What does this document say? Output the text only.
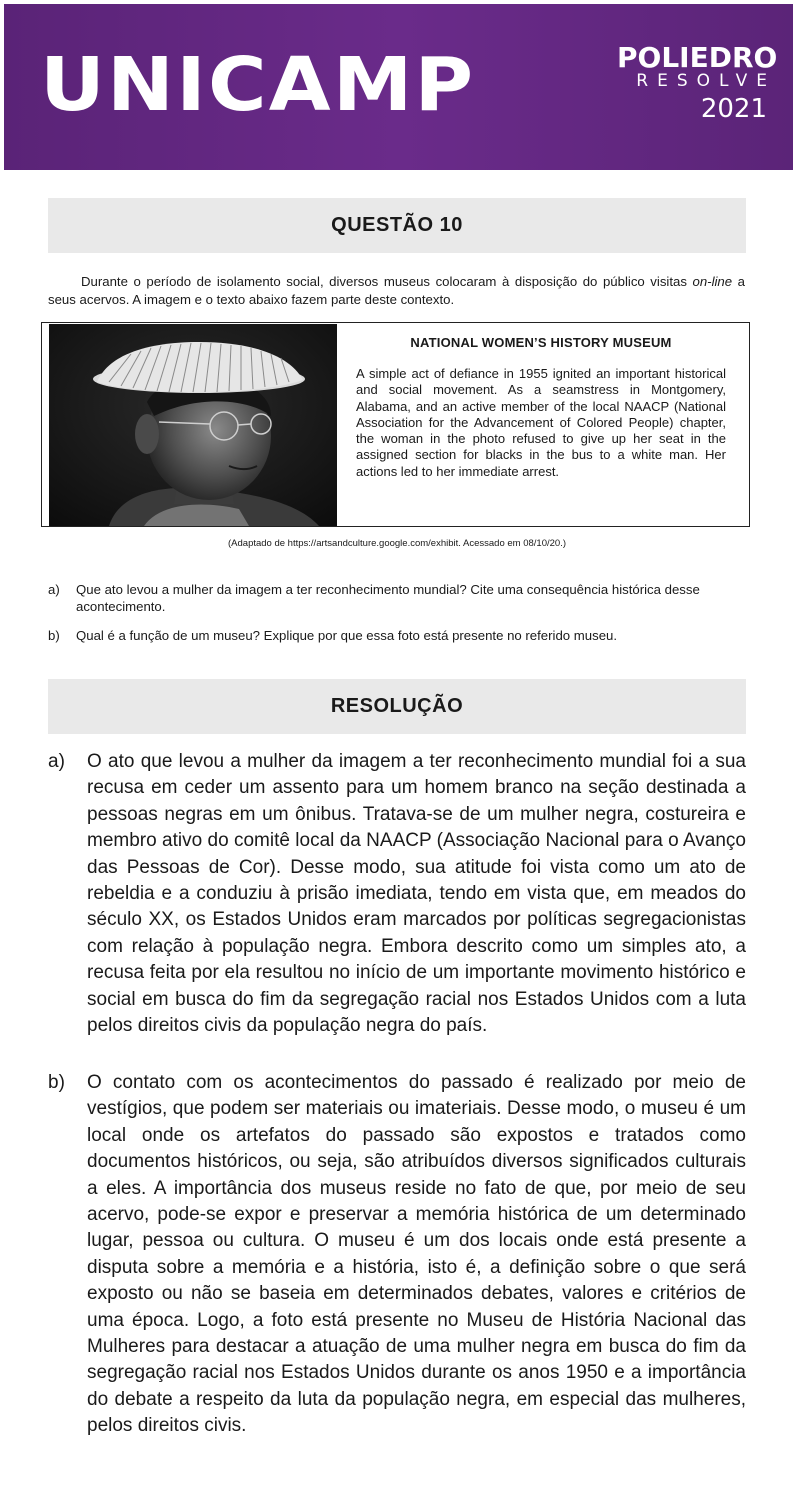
UNICAMP	POLIEDRO
RESOLVE
2021
QUESTÃO 10
Durante o período de isolamento social, diversos museus colocaram à disposição do público visitas on-line a seus acervos. A imagem e o texto abaixo fazem parte deste contexto.
NATIONAL WOMEN’S HISTORY MUSEUM
A simple act of defiance in 1955 ignited an important historical and social movement. As a seamstress in Montgomery, Alabama, and an active member of the local NAACP (National Association for the Advancement of Colored People) chapter, the woman in the photo refused to give up her seat in the assigned section for blacks in the bus to a white man. Her actions led to her immediate arrest.
(Adaptado de https://artsandculture.google.com/exhibit. Acessado em 08/10/20.)
a) Que ato levou a mulher da imagem a ter reconhecimento mundial? Cite uma consequência histórica desse acontecimento.
b) Qual é a função de um museu? Explique por que essa foto está presente no referido museu.
RESOLUÇÃO
a) O ato que levou a mulher da imagem a ter reconhecimento mundial foi a sua recusa em ceder um assento para um homem branco na seção destinada a pessoas negras em um ônibus. Tratava-se de um mulher negra, costureira e membro ativo do comitê local da NAACP (Associação Nacional para o Avanço das Pessoas de Cor). Desse modo, sua atitude foi vista como um ato de rebeldia e a conduziu à prisão imediata, tendo em vista que, em meados do século XX, os Estados Unidos eram marcados por políticas segregacionistas com relação à população negra. Embora descrito como um simples ato, a recusa feita por ela resultou no início de um importante movimento histórico e social em busca do fim da segregação racial nos Estados Unidos com a luta pelos direitos civis da população negra do país.
b) O contato com os acontecimentos do passado é realizado por meio de vestígios, que podem ser materiais ou imateriais. Desse modo, o museu é um local onde os artefatos do passado são expostos e tratados como documentos históricos, ou seja, são atribuídos diversos significados culturais a eles. A importância dos museus reside no fato de que, por meio de seu acervo, pode-se expor e preservar a memória histórica de um determinado lugar, pessoa ou cultura. O museu é um dos locais onde está presente a disputa sobre a memória e a história, isto é, a definição sobre o que será exposto ou não se baseia em determinados debates, valores e critérios de uma época. Logo, a foto está presente no Museu de História Nacional das Mulheres para destacar a atuação de uma mulher negra em busca do fim da segregação racial nos Estados Unidos durante os anos 1950 e a importância do debate a respeito da luta da população negra, em especial das mulheres, pelos direitos civis.
